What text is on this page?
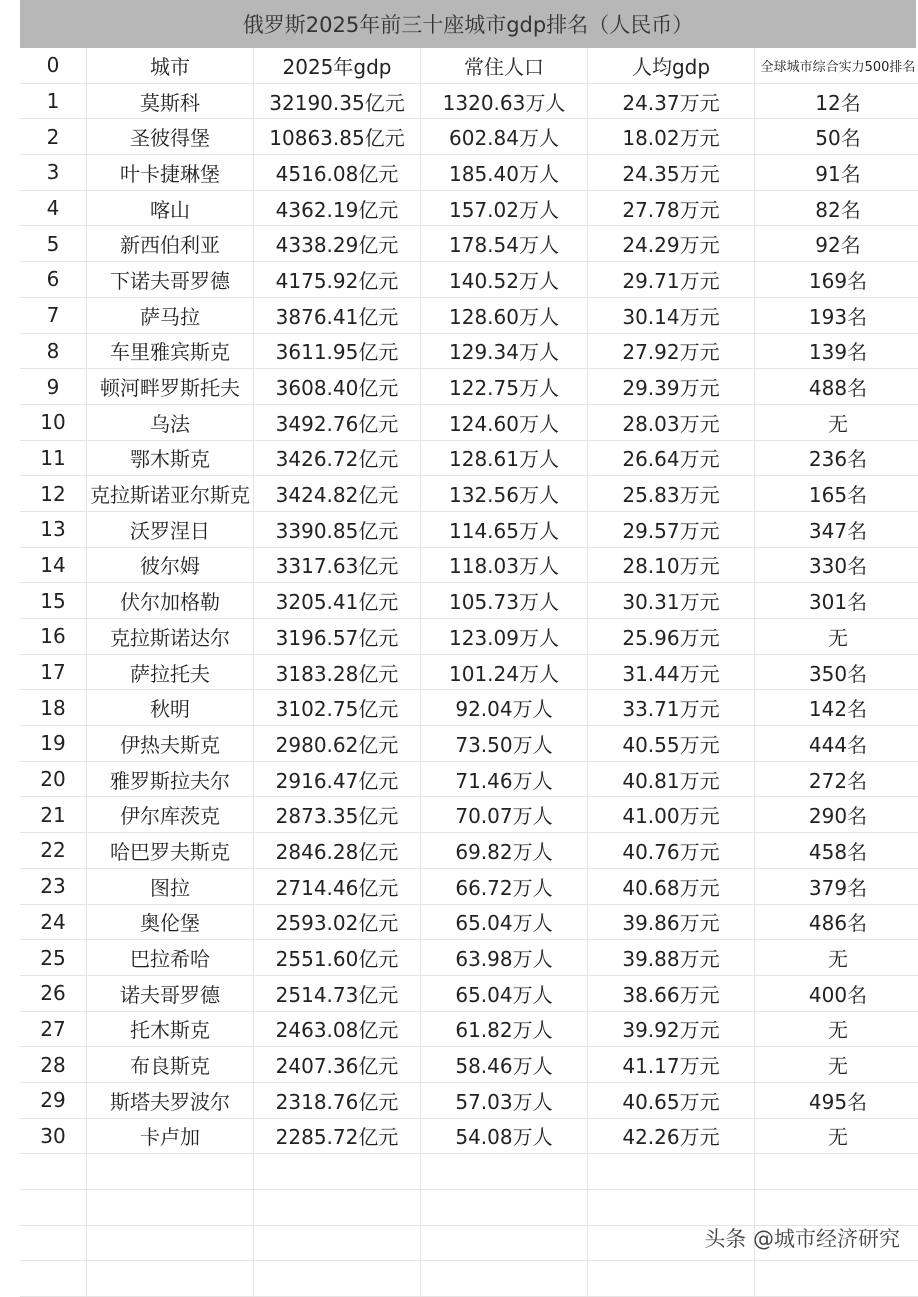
俄罗斯2025年前三十座城市gdp排名（人民币）
0	城市	2025年gdp	常住人口	人均gdp	全球城市综合实力500排名
1	莫斯科	32190.35亿元	1320.63万人	24.37万元	12名
2	圣彼得堡	10863.85亿元	602.84万人	18.02万元	50名
3	叶卡捷琳堡	4516.08亿元	185.40万人	24.35万元	91名
4	喀山	4362.19亿元	157.02万人	27.78万元	82名
5	新西伯利亚	4338.29亿元	178.54万人	24.29万元	92名
6	下诺夫哥罗德	4175.92亿元	140.52万人	29.71万元	169名
7	萨马拉	3876.41亿元	128.60万人	30.14万元	193名
8	车里雅宾斯克	3611.95亿元	129.34万人	27.92万元	139名
9	顿河畔罗斯托夫	3608.40亿元	122.75万人	29.39万元	488名
10	乌法	3492.76亿元	124.60万人	28.03万元	无
11	鄂木斯克	3426.72亿元	128.61万人	26.64万元	236名
12	克拉斯诺亚尔斯克	3424.82亿元	132.56万人	25.83万元	165名
13	沃罗涅日	3390.85亿元	114.65万人	29.57万元	347名
14	彼尔姆	3317.63亿元	118.03万人	28.10万元	330名
15	伏尔加格勒	3205.41亿元	105.73万人	30.31万元	301名
16	克拉斯诺达尔	3196.57亿元	123.09万人	25.96万元	无
17	萨拉托夫	3183.28亿元	101.24万人	31.44万元	350名
18	秋明	3102.75亿元	92.04万人	33.71万元	142名
19	伊热夫斯克	2980.62亿元	73.50万人	40.55万元	444名
20	雅罗斯拉夫尔	2916.47亿元	71.46万人	40.81万元	272名
21	伊尔库茨克	2873.35亿元	70.07万人	41.00万元	290名
22	哈巴罗夫斯克	2846.28亿元	69.82万人	40.76万元	458名
23	图拉	2714.46亿元	66.72万人	40.68万元	379名
24	奥伦堡	2593.02亿元	65.04万人	39.86万元	486名
25	巴拉希哈	2551.60亿元	63.98万人	39.88万元	无
26	诺夫哥罗德	2514.73亿元	65.04万人	38.66万元	400名
27	托木斯克	2463.08亿元	61.82万人	39.92万元	无
28	布良斯克	2407.36亿元	58.46万人	41.17万元	无
29	斯塔夫罗波尔	2318.76亿元	57.03万人	40.65万元	495名
30	卡卢加	2285.72亿元	54.08万人	42.26万元	无

头条 @城市经济研究
